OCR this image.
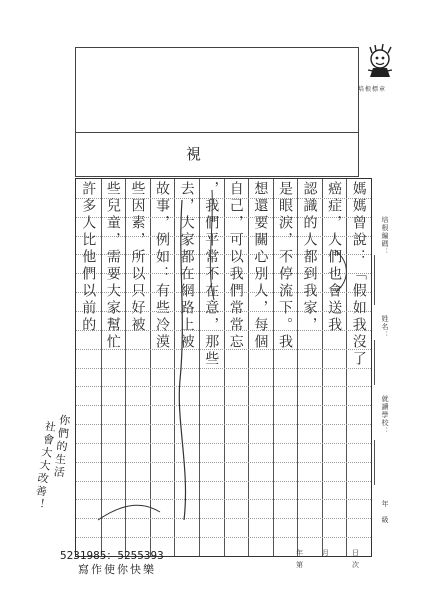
培根標章
視
培根編碼：
姓名：
就讀學校：
年　級
媽媽曾說：「假如我沒了
癌症，人們也會送我
認識的人都到我家，
是眼淚，不停流下。我
想還要關心別人，每個
自己，可以我們常常忘
，我們平常不在意，那些
去，大家都在網路上被
故事，例如：有些冷漠
些因素，所以只好被
些兒童，需要大家幫忙
許多人比他們以前的
社會大大改善！
你們的生活
5231985：5255393
寫作使你快樂
年	月	日
第	次
